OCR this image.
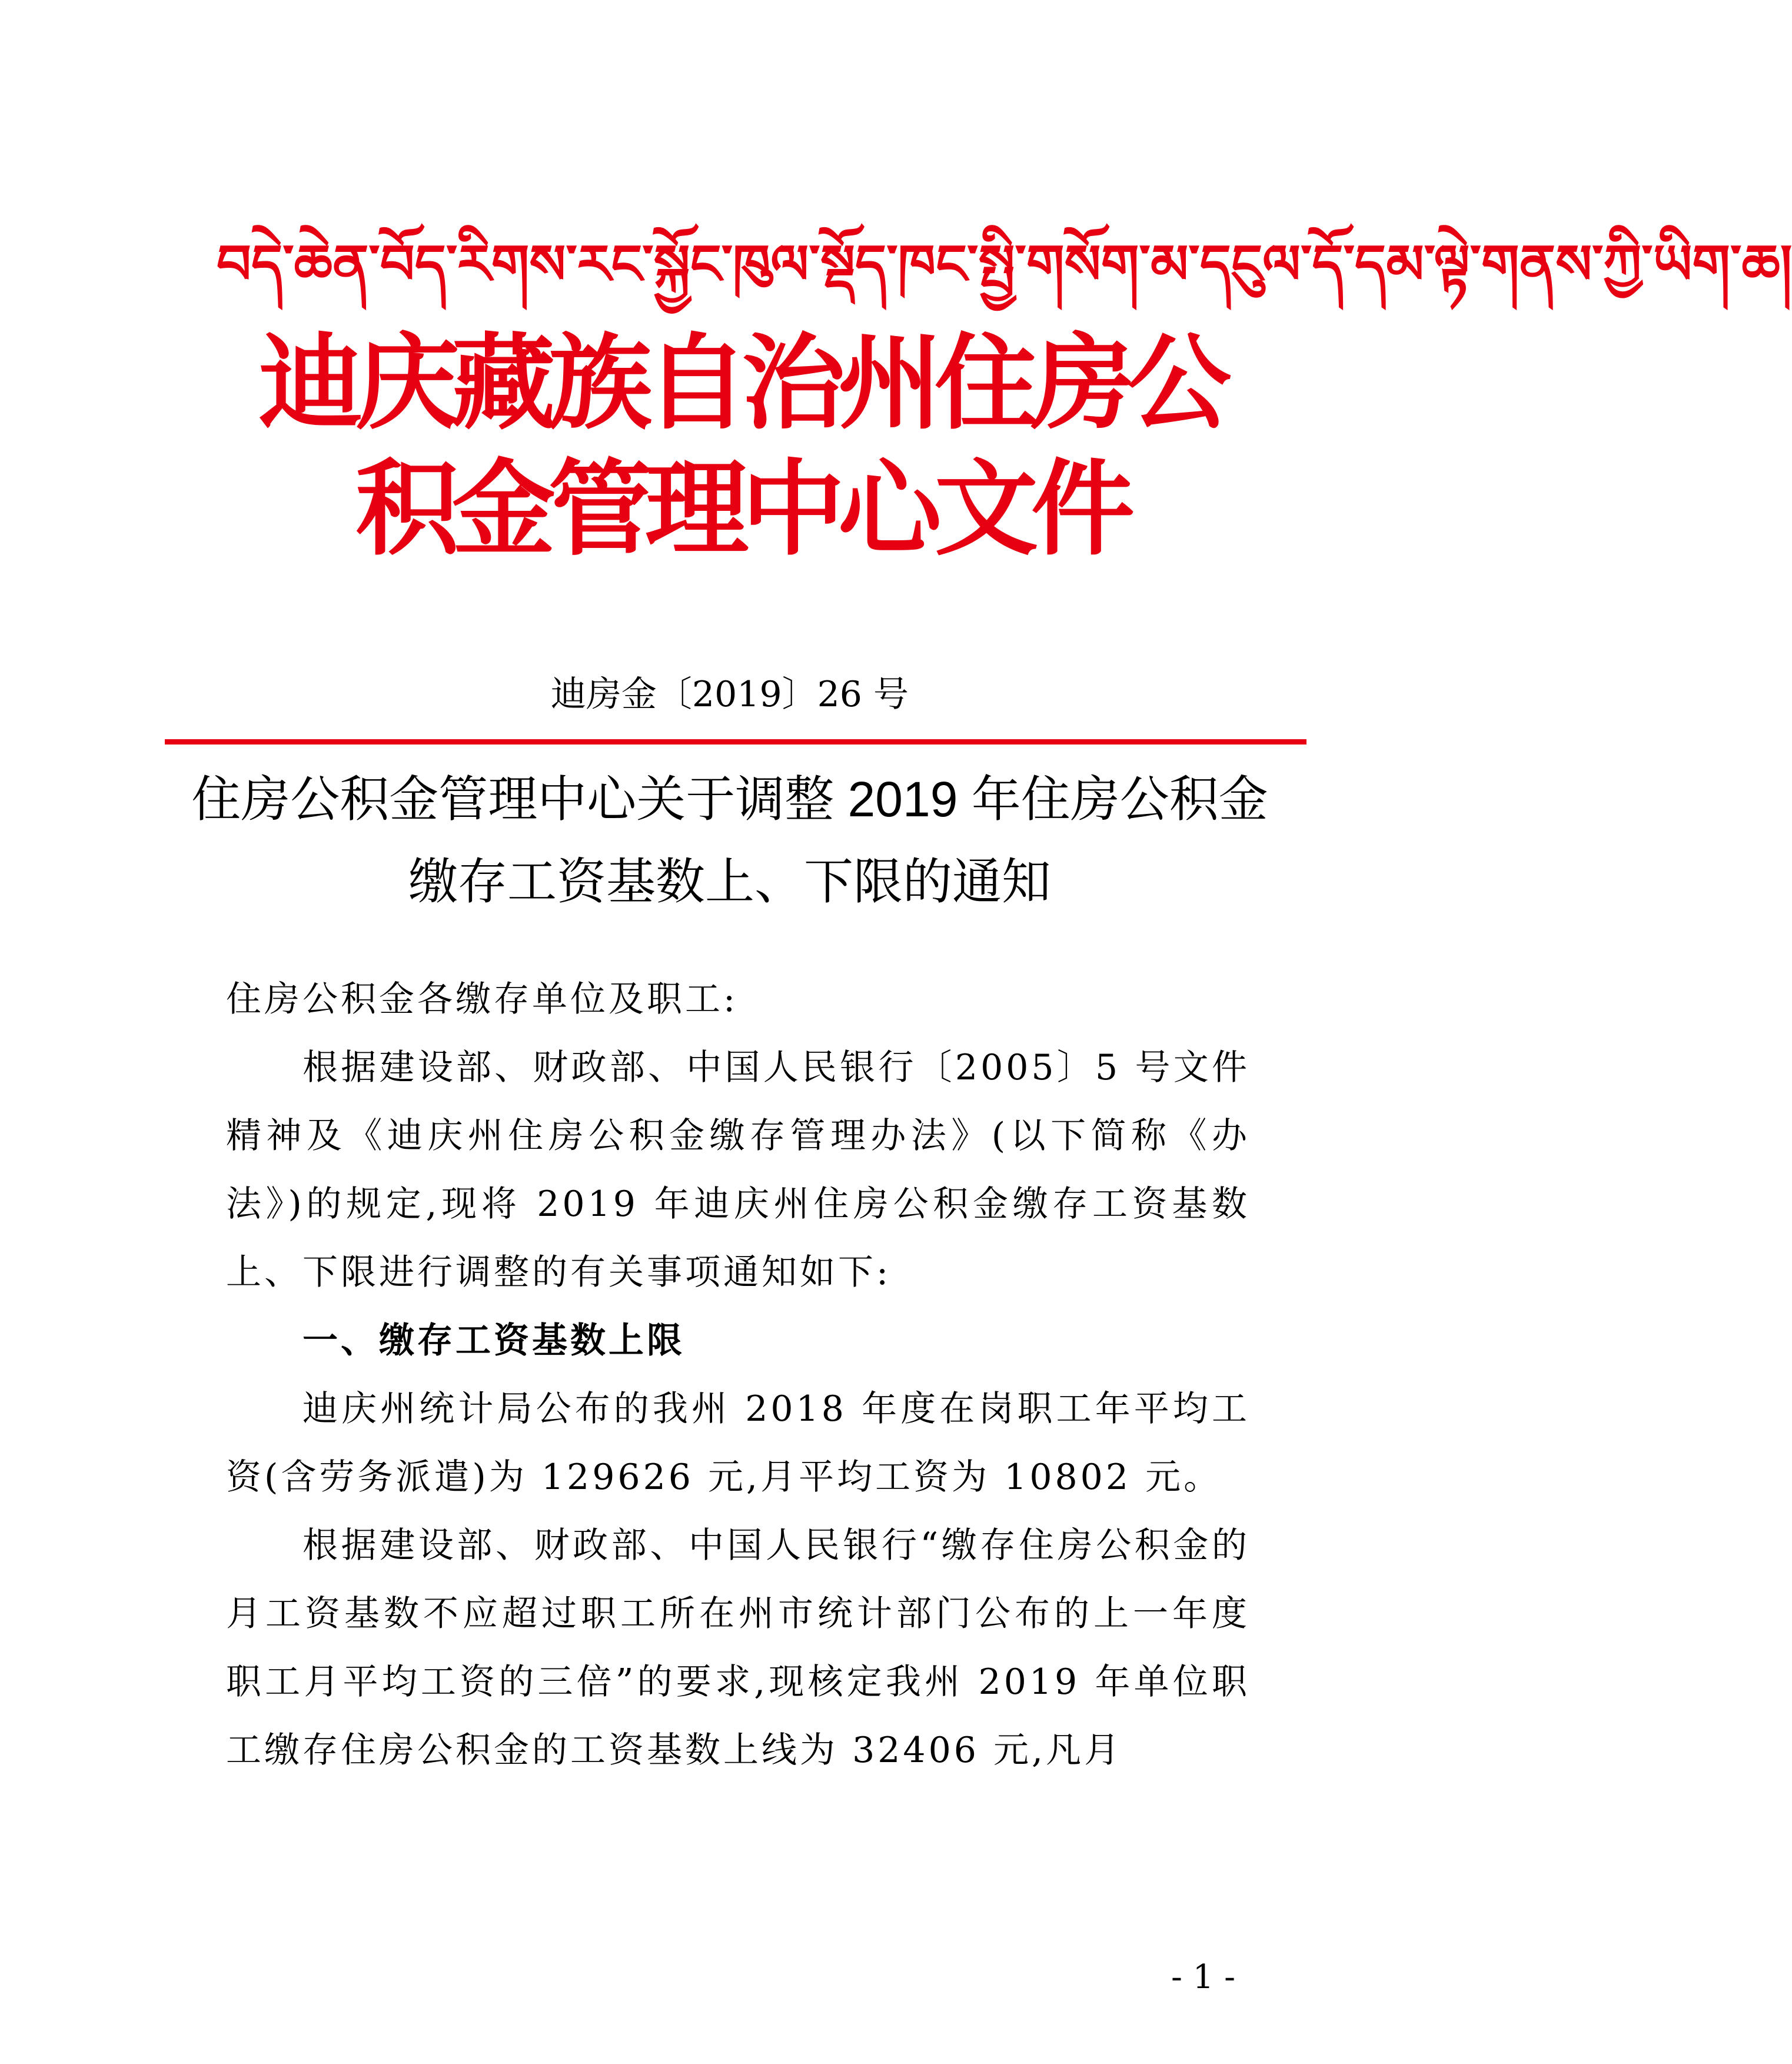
བདེ་ཆེན་བོད་རིགས་རང་སྐྱོང་ཁུལ་སྡོད་ཁང་སྤྱི་གསོག་མ་དངུལ་དོ་དམ་ལྟེ་གནས་ཀྱི་ཡིག་ཆ།
迪庆藏族自治州住房公积金管理中心文件
迪房金〔2019〕26 号
住房公积金管理中心关于调整 2019 年住房公积金缴存工资基数上、下限的通知

住房公积金各缴存单位及职工:

根据建设部、财政部、中国人民银行〔2005〕5 号文件精神及《迪庆州住房公积金缴存管理办法》(以下简称《办法》)的规定,现将 2019 年迪庆州住房公积金缴存工资基数上、下限进行调整的有关事项通知如下:

一、缴存工资基数上限

迪庆州统计局公布的我州 2018 年度在岗职工年平均工资(含劳务派遣)为 129626 元,月平均工资为 10802 元。

根据建设部、财政部、中国人民银行“缴存住房公积金的月工资基数不应超过职工所在州市统计部门公布的上一年度职工月平均工资的三倍”的要求,现核定我州 2019 年单位职工缴存住房公积金的工资基数上线为 32406 元,凡月

- 1 -
